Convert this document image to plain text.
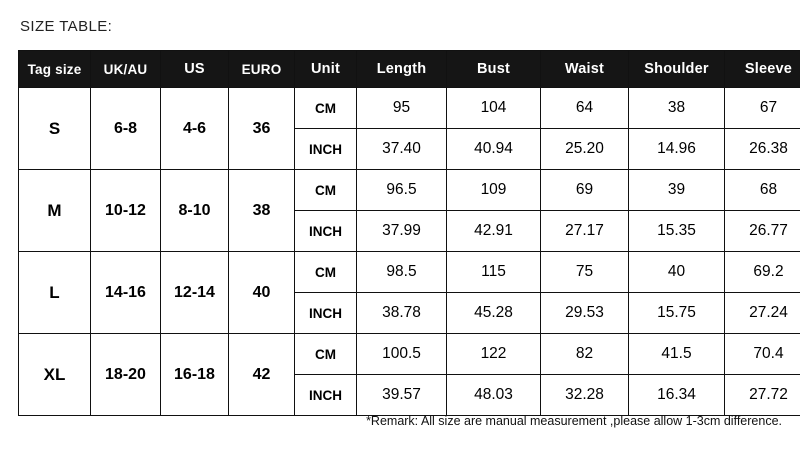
SIZE TABLE:
Tag size	UK/AU	US	EURO	Unit	Length	Bust	Waist	Shoulder	Sleeve
S	6-8	4-6	36	CM	95	104	64	38	67
				INCH	37.40	40.94	25.20	14.96	26.38
M	10-12	8-10	38	CM	96.5	109	69	39	68
				INCH	37.99	42.91	27.17	15.35	26.77
L	14-16	12-14	40	CM	98.5	115	75	40	69.2
				INCH	38.78	45.28	29.53	15.75	27.24
XL	18-20	16-18	42	CM	100.5	122	82	41.5	70.4
				INCH	39.57	48.03	32.28	16.34	27.72
*Remark: All size are manual measurement ,please allow 1-3cm difference.
